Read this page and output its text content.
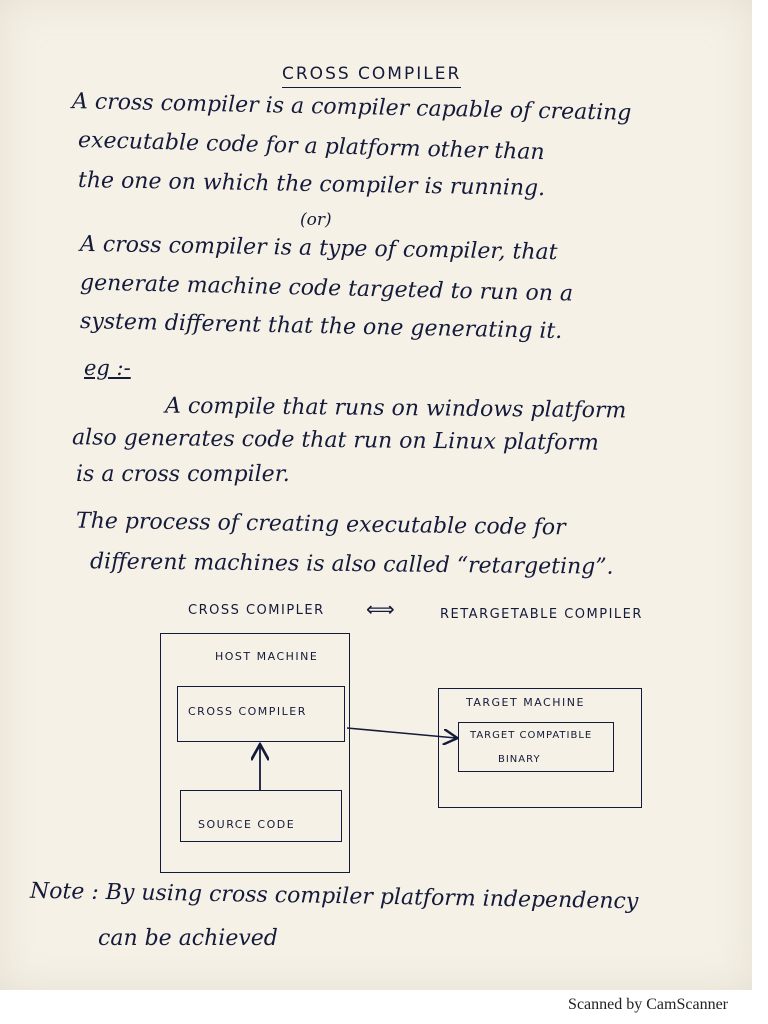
CROSS COMPILER

A cross compiler is a compiler capable of creating

executable code for a platform other than

the one on which the compiler is running.

(or)

A cross compiler is a type of compiler, that

generate machine code targeted to run on a

system different that the one generating it.

eg :-

A compile that runs on windows platform

also generates code that run on Linux platform

is a cross compiler.

The process of creating executable code for

different machines is also called “retargeting”.

CROSS COMIPLER ⟺	RETARGETABLE COMPILER
HOST MACHINE
CROSS COMPILER
SOURCE CODE
TARGET MACHINE
TARGET COMPATIBLE
BINARY

Note : By using cross compiler platform independency

can be achieved

Scanned by CamScanner
